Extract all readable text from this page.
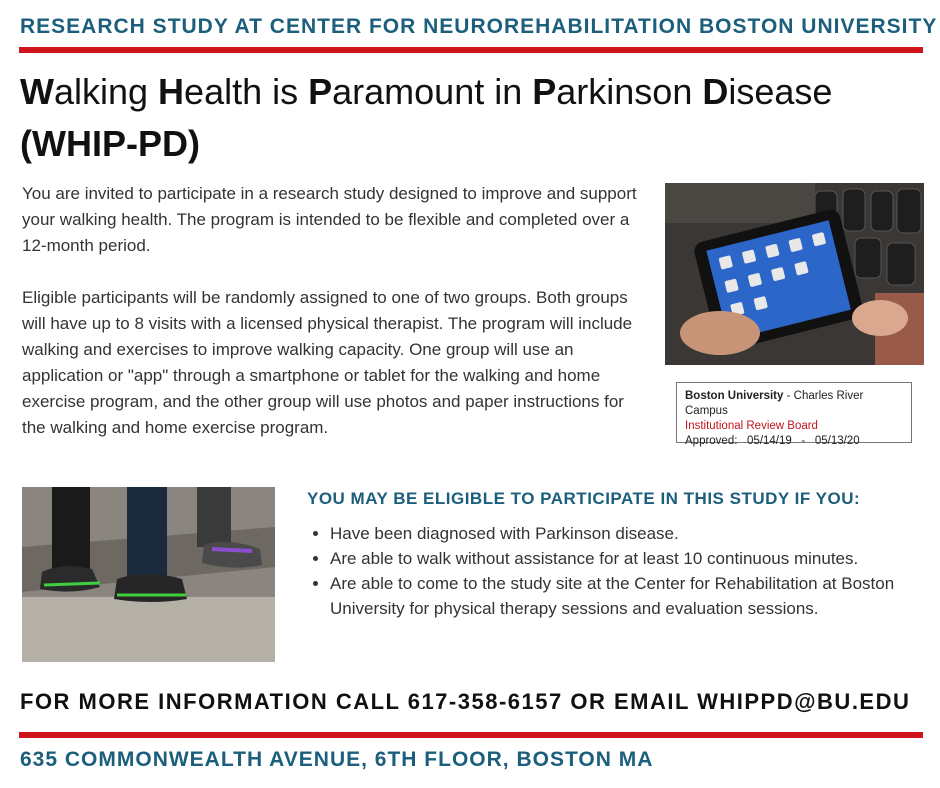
RESEARCH STUDY AT CENTER FOR NEUROREHABILITATION BOSTON UNIVERSITY
Walking Health is Paramount in Parkinson Disease
(WHIP-PD)

You are invited to participate in a research study designed to improve and support your walking health. The program is intended to be flexible and completed over a 12-month period.

Eligible participants will be randomly assigned to one of two groups. Both groups will have up to 8 visits with a licensed physical therapist. The program will include walking and exercises to improve walking capacity. One group will use an application or "app" through a smartphone or tablet for the walking and home exercise program, and the other group will use photos and paper instructions for the walking and home exercise program.

Boston University - Charles River Campus
Institutional Review Board
Approved: 05/14/19 - 05/13/20
YOU MAY BE ELIGIBLE TO PARTICIPATE IN THIS STUDY IF YOU:
• Have been diagnosed with Parkinson disease.
• Are able to walk without assistance for at least 10 continuous minutes.
• Are able to come to the study site at the Center for Rehabilitation at Boston University for physical therapy sessions and evaluation sessions.
FOR MORE INFORMATION CALL 617-358-6157 OR EMAIL WHIPPD@BU.EDU
635 COMMONWEALTH AVENUE, 6TH FLOOR, BOSTON MA
